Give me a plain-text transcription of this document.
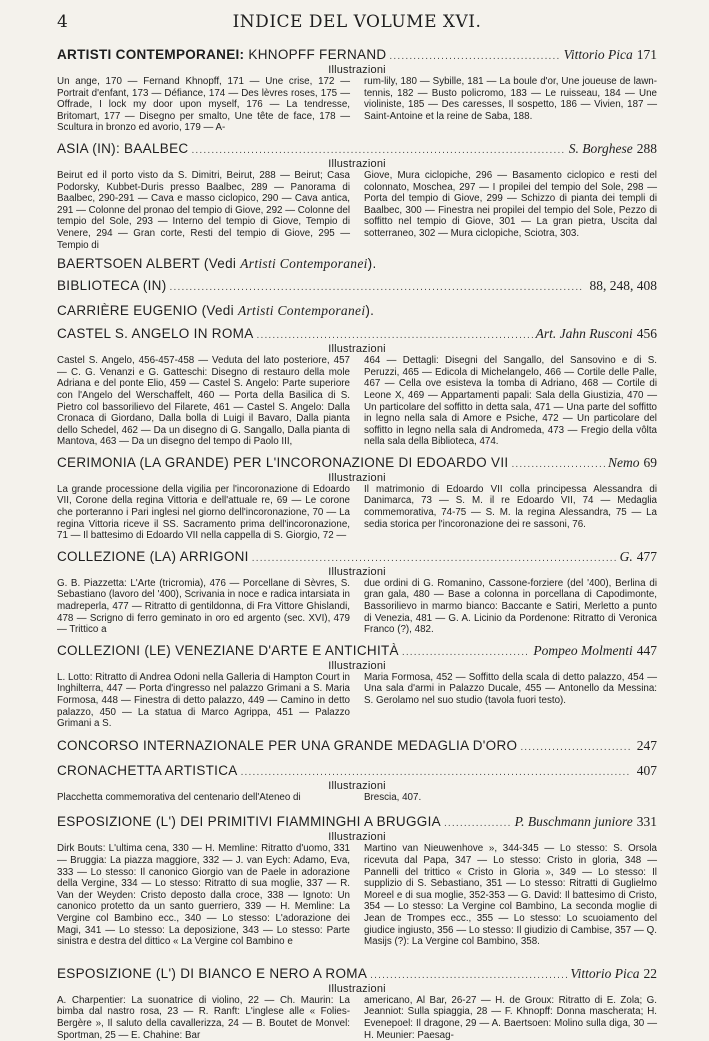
4	INDICE DEL VOLUME XVI.
ARTISTI CONTEMPORANEI: KHNOPFF FERNAND .....	Vittorio Pica 171
Illustrazioni
Un ange, 170 — Fernand Khnopff, 171 — Une crise, 172 — Portrait d'enfant, 173 — Défiance, 174 — Des lèvres roses, 175 — Offrade, I lock my door upon myself, 176 — La tendresse, Britomart, 177 — Disegno per smalto, Une tête de face, 178 — Scultura in bronzo ed avorio, 179 — A-
rum-lily, 180 — Sybille, 181 — La boule d'or, Une joueuse de lawn-tennis, 182 — Busto policromo, 183 — Le ruisseau, 184 — Une violiniste, 185 — Des caresses, Il sospetto, 186 — Vivien, 187 — Saint-Antoine et la reine de Saba, 188.
ASIA (IN): BAALBEC .....	S. Borghese 288
Illustrazioni
Beirut ed il porto visto da S. Dimitri, Beirut, 288 — Beirut; Casa Podorsky, Kubbet-Duris presso Baalbec, 289 — Panorama di Baalbec, 290-291 — Cava e masso ciclopico, 290 — Cava antica, 291 — Colonne del pronao del tempio di Giove, 292 — Colonne del tempio del Sole, 293 — Interno del tempio di Giove, Tempio di Venere, 294 — Gran corte, Resti del tempio di Giove, 295 — Tempio di
Giove, Mura ciclopiche, 296 — Basamento ciclopico e resti del colonnato, Moschea, 297 — I propilei del tempio del Sole, 298 — Porta del tempio di Giove, 299 — Schizzo di pianta dei templi di Baalbec, 300 — Finestra nei propilei del tempio del Sole, Pezzo di soffitto nel tempio di Giove, 301 — La gran pietra, Uscita dal sotterraneo, 302 — Mura ciclopiche, Sciotra, 303.
BAERTSOEN ALBERT (Vedi Artisti Contemporanei).
BIBLIOTECA (IN) .....	88, 248, 408
CARRIÈRE EUGENIO (Vedi Artisti Contemporanei).
CASTEL S. ANGELO IN ROMA .....	Art. Jahn Rusconi 456
Illustrazioni
Castel S. Angelo, 456-457-458 — Veduta del lato posteriore, 457 — C. G. Venanzi e G. Gatteschi: Disegno di restauro della mole Adriana e del ponte Elio, 459 — Castel S. Angelo: Parte superiore con l'Angelo del Werschaffelt, 460 — Porta della Basilica di S. Pietro col bassorilievo del Filarete, 461 — Castel S. Angelo: Dalla Cronaca di Giordano, Dalla bolla di Luigi il Bavaro, Dalla pianta dello Schedel, 462 — Da un disegno di G. Sangallo, Dalla pianta di Mantova, 463 — Da un disegno del tempo di Paolo III,
464 — Dettagli: Disegni del Sangallo, del Sansovino e di S. Peruzzi, 465 — Edicola di Michelangelo, 466 — Cortile delle Palle, 467 — Cella ove esisteva la tomba di Adriano, 468 — Cortile di Leone X, 469 — Appartamenti papali: Sala della Giustizia, 470 — Un particolare del soffitto in detta sala, 471 — Una parte del soffitto in legno nella sala di Amore e Psiche, 472 — Un particolare del soffitto in legno nella sala di Andromeda, 473 — Fregio della vôlta nella sala della Biblioteca, 474.
CERIMONIA (LA GRANDE) PER L'INCORONAZIONE DI EDOARDO VII .....	Nemo 69
Illustrazioni
La grande processione della vigilia per l'incoronazione di Edoardo VII, Corone della regina Vittoria e dell'attuale re, 69 — Le corone che porteranno i Pari inglesi nel giorno dell'incoronazione, 70 — La regina Vittoria riceve il SS. Sacramento prima dell'incoronazione, 71 — Il battesimo di Edoardo VII nella cappella di S. Giorgio, 72 —
Il matrimonio di Edoardo VII colla principessa Alessandra di Danimarca, 73 — S. M. il re Edoardo VII, 74 — Medaglia commemorativa, 74-75 — S. M. la regina Alessandra, 75 — La sedia storica per l'incoronazione dei re sassoni, 76.
COLLEZIONE (LA) ARRIGONI .....	G. 477
Illustrazioni
G. B. Piazzetta: L'Arte (tricromia), 476 — Porcellane di Sèvres, S. Sebastiano (lavoro del '400), Scrivania in noce e radica intarsiata in madreperla, 477 — Ritratto di gentildonna, di Fra Vittore Ghislandi, 478 — Scrigno di ferro geminato in oro ed argento (sec. XVI), 479 — Trittico a
due ordini di G. Romanino, Cassone-forziere (del '400), Berlina di gran gala, 480 — Base a colonna in porcellana di Capodimonte, Bassorilievo in marmo bianco: Baccante e Satiri, Merletto a punto di Venezia, 481 — G. A. Licinio da Pordenone: Ritratto di Veronica Franco (?), 482.
COLLEZIONI (LE) VENEZIANE D'ARTE E ANTICHITÀ .....	Pompeo Molmenti 447
Illustrazioni
L. Lotto: Ritratto di Andrea Odoni nella Galleria di Hampton Court in Inghilterra, 447 — Porta d'ingresso nel palazzo Grimani a S. Maria Formosa, 448 — Finestra di detto palazzo, 449 — Camino in detto palazzo, 450 — La statua di Marco Agrippa, 451 — Palazzo Grimani a S.
Maria Formosa, 452 — Soffitto della scala di detto palazzo, 454 — Una sala d'armi in Palazzo Ducale, 455 — Antonello da Messina: S. Gerolamo nel suo studio (tavola fuori testo).
CONCORSO INTERNAZIONALE PER UNA GRANDE MEDAGLIA D'ORO .....	247
CRONACHETTA ARTISTICA .....	407
Illustrazioni
Placchetta commemorativa del centenario dell'Ateneo di	Brescia, 407.
ESPOSIZIONE (L') DEI PRIMITIVI FIAMMINGHI A BRUGGIA .....	P. Buschmann juniore 331
Illustrazioni
Dirk Bouts: L'ultima cena, 330 — H. Memline: Ritratto d'uomo, 331 — Bruggia: La piazza maggiore, 332 — J. van Eych: Adamo, Eva, 333 — Lo stesso: Il canonico Giorgio van de Paele in adorazione della Vergine, 334 — Lo stesso: Ritratto di sua moglie, 337 — R. Van der Weyden: Cristo deposto dalla croce, 338 — Ignoto: Un canonico protetto da un santo guerriero, 339 — H. Memline: La Vergine col Bambino ecc., 340 — Lo stesso: L'adorazione dei Magi, 341 — Lo stesso: La deposizione, 343 — Lo stesso: Parte sinistra e destra del dittico « La Vergine col Bambino e
Martino van Nieuwenhove », 344-345 — Lo stesso: S. Orsola ricevuta dal Papa, 347 — Lo stesso: Cristo in gloria, 348 — Pannelli del trittico « Cristo in Gloria », 349 — Lo stesso: Il supplizio di S. Sebastiano, 351 — Lo stesso: Ritratti di Guglielmo Moreel e di sua moglie, 352-353 — G. David: Il battesimo di Cristo, 354 — Lo stesso: La Vergine col Bambino, La seconda moglie di Jean de Trompes ecc., 355 — Lo stesso: Lo scuoiamento del giudice ingiusto, 356 — Lo stesso: Il giudizio di Cambise, 357 — Q. Masijs (?): La Vergine col Bambino, 358.
ESPOSIZIONE (L') DI BIANCO E NERO A ROMA .....	Vittorio Pica 22
Illustrazioni
A. Charpentier: La suonatrice di violino, 22 — Ch. Maurin: La bimba dal nastro rosa, 23 — R. Ranft: L'inglese alle « Folies-Bergère », Il saluto della cavallerizza, 24 — B. Boutet de Monvel: Sportman, 25 — E. Chahine: Bar
americano, Al Bar, 26-27 — H. de Groux: Ritratto di E. Zola; G. Jeanniot: Sulla spiaggia, 28 — F. Khnopff: Donna mascherata; H. Evenepoel: Il dragone, 29 — A. Baertsoen: Molino sulla diga, 30 — H. Meunier: Paesag-
